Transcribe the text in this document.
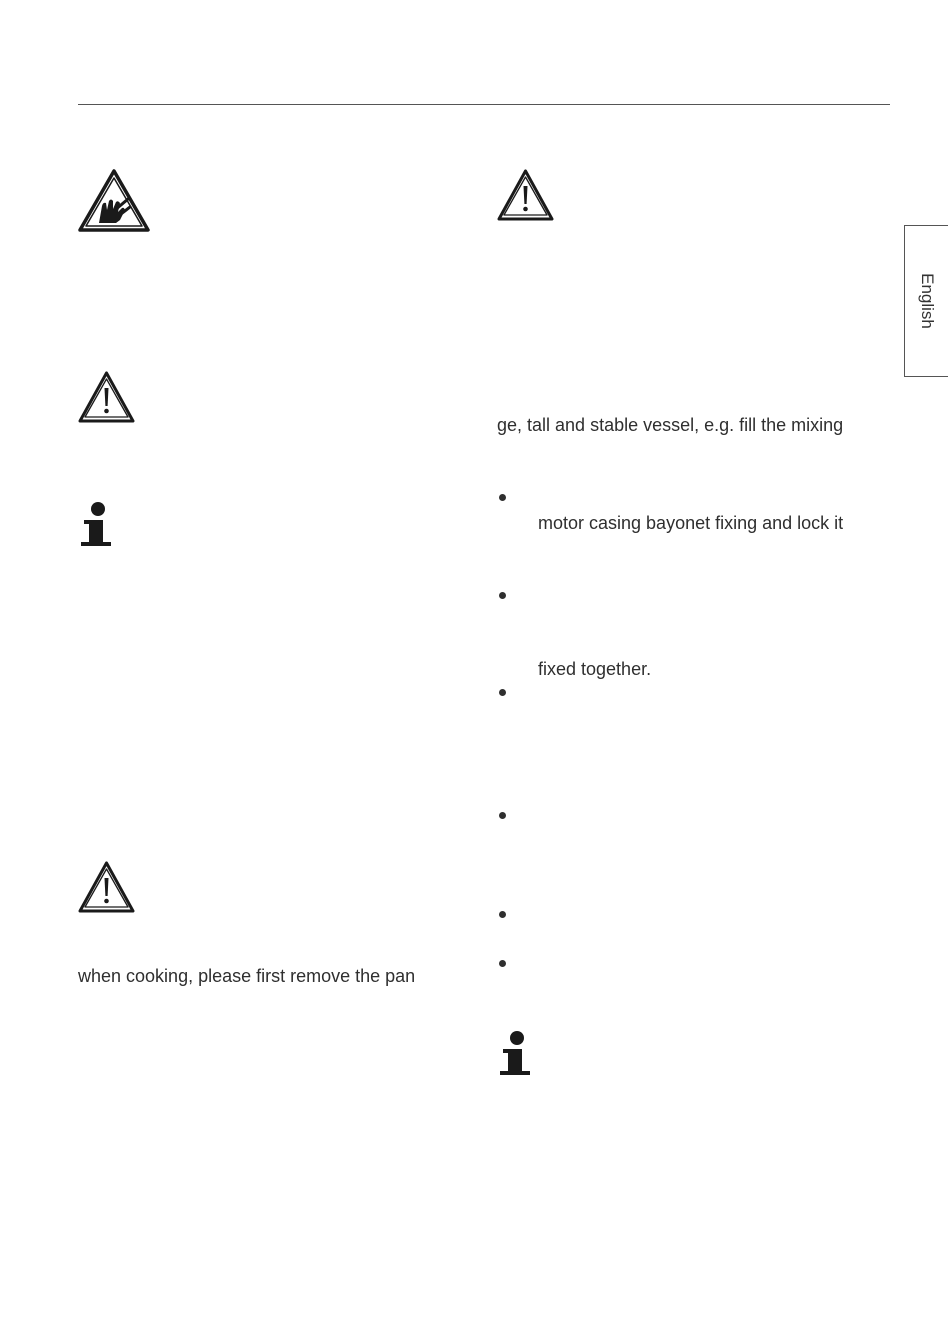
English
when cooking, please first remove the pan
ge, tall and stable vessel, e.g. fill the mixing
motor casing bayonet fixing and lock it
fixed together.
